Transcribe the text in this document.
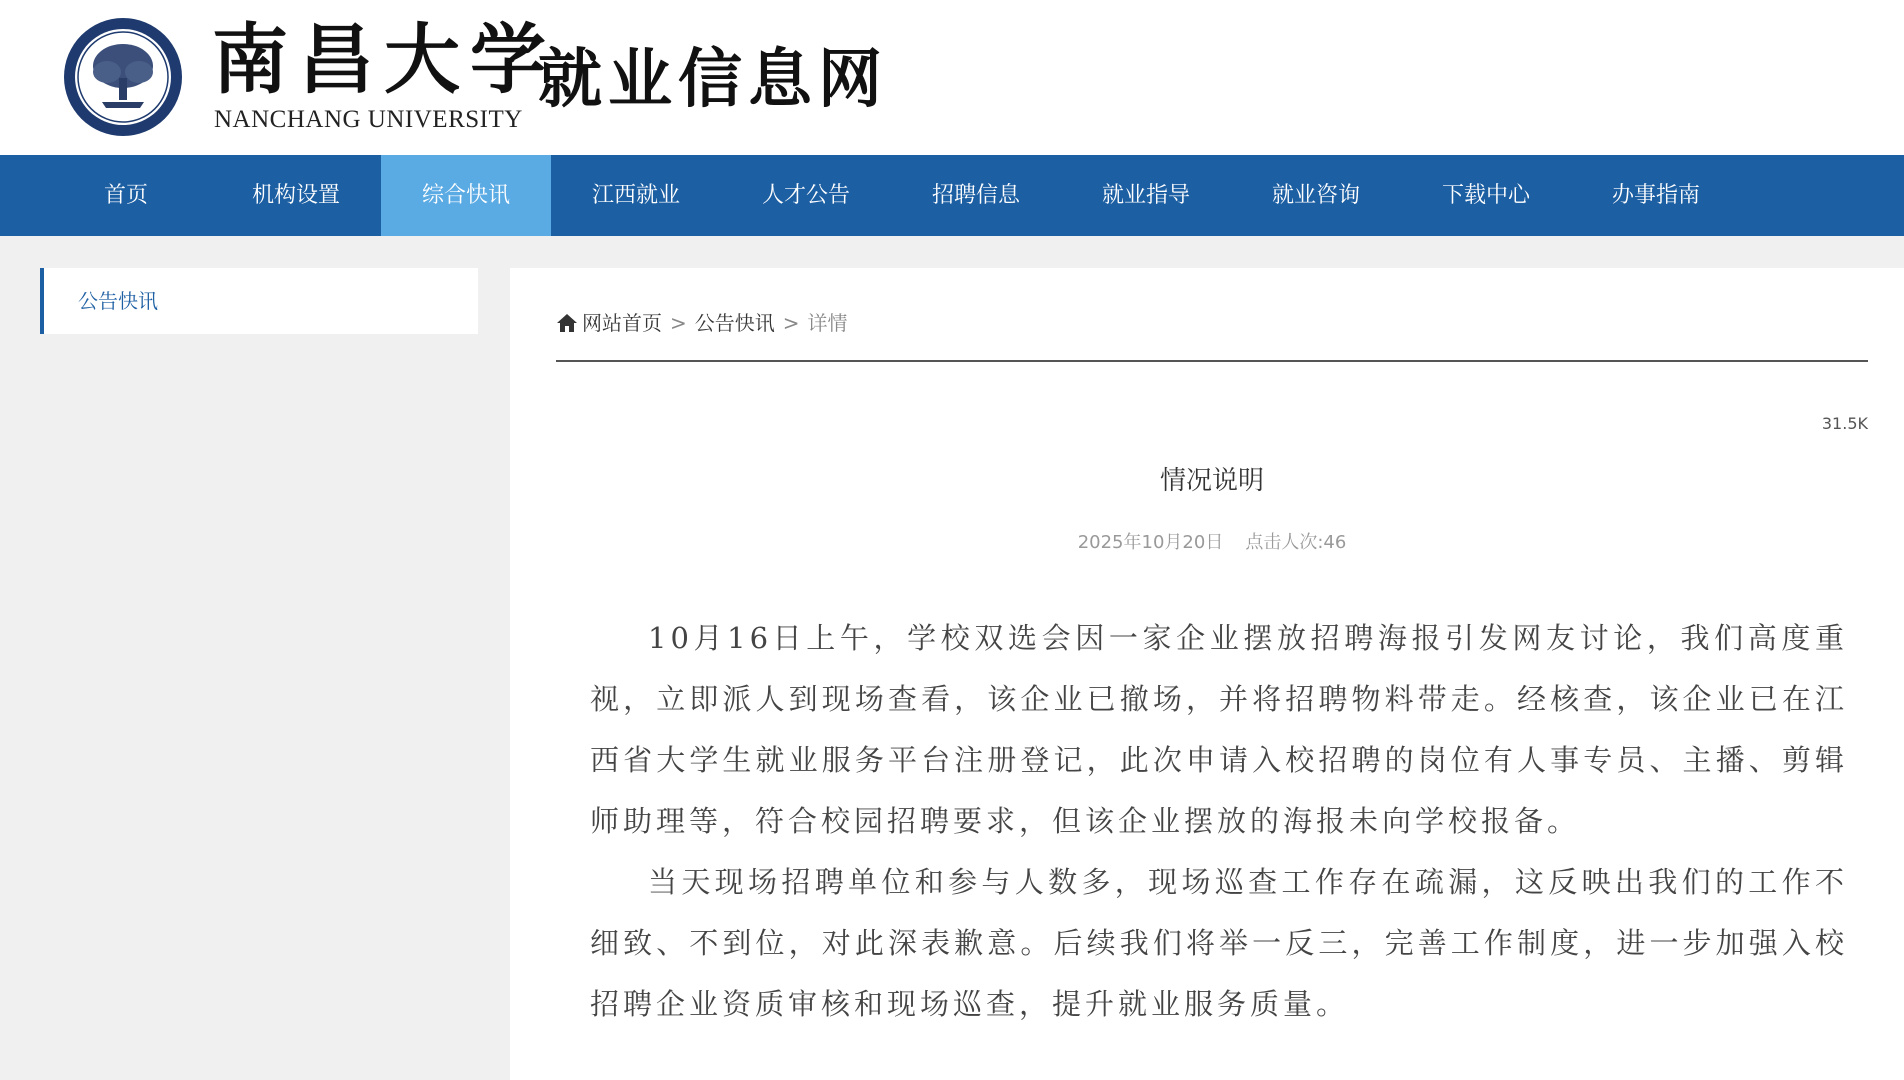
南昌大学
NANCHANG UNIVERSITY
就业信息网
首页	机构设置	综合快讯	江西就业	人才公告	招聘信息	就业指导	就业咨询	下载中心	办事指南
公告快讯
网站首页 > 公告快讯 > 详情
31.5K
情况说明
2025年10月20日 点击人次:46

10月16日上午，学校双选会因一家企业摆放招聘海报引发网友讨论，我们高度重视，立即派人到现场查看，该企业已撤场，并将招聘物料带走。经核查，该企业已在江西省大学生就业服务平台注册登记，此次申请入校招聘的岗位有人事专员、主播、剪辑师助理等，符合校园招聘要求，但该企业摆放的海报未向学校报备。

当天现场招聘单位和参与人数多，现场巡查工作存在疏漏，这反映出我们的工作不细致、不到位，对此深表歉意。后续我们将举一反三，完善工作制度，进一步加强入校招聘企业资质审核和现场巡查，提升就业服务质量。
